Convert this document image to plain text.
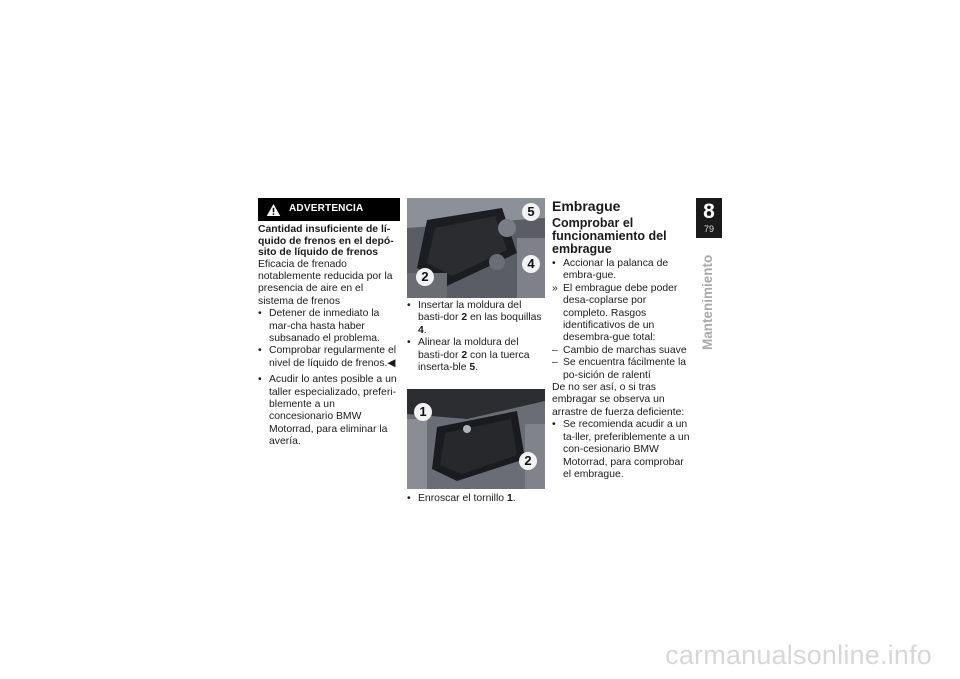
ADVERTENCIA
Cantidad insuficiente de lí-quido de frenos en el depó-sito de líquido de frenos

Eficacia de frenado notablemente reducida por la presencia de aire en el sistema de frenos

• Detener de inmediato la mar-cha hasta haber subsanado el problema.
• Comprobar regularmente el nivel de líquido de frenos.◀
• Acudir lo antes posible a un taller especializado, preferi-blemente a un concesionario BMW Motorrad, para eliminar la avería.
5
4
2
• Insertar la moldura del basti-dor 2 en las boquillas 4.
• Alinear la moldura del basti-dor 2 con la tuerca inserta-ble 5.
1
2
• Enroscar el tornillo 1.
Embrague
Comprobar el funcionamiento del embrague
• Accionar la palanca de embra-gue.
» El embrague debe poder desa-coplarse por completo. Rasgos identificativos de un desembra-gue total:
– Cambio de marchas suave
– Se encuentra fácilmente la po-sición de ralentí

De no ser así, o si tras embragar se observa un arrastre de fuerza deficiente:

• Se recomienda acudir a un ta-ller, preferiblemente a un con-cesionario BMW Motorrad, para comprobar el embrague.
8
79
Mantenimiento
carmanualsonline.info
